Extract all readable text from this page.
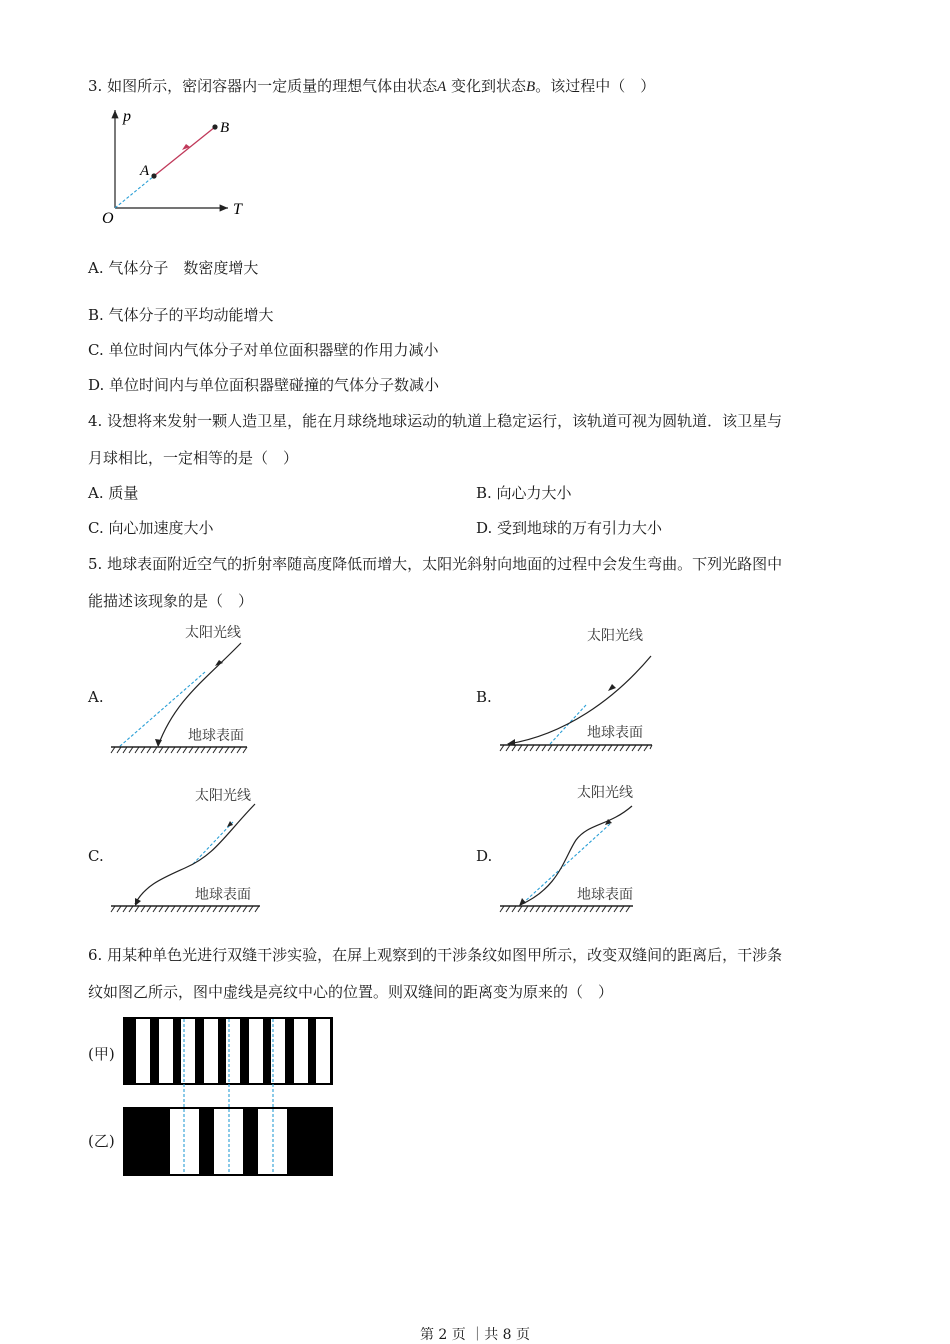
3. 如图所示，密闭容器内一定质量的理想气体由状态A 变化到状态B。该过程中（　）
p
T
O
A
B
A. 气体分子　数密度增大
B. 气体分子的平均动能增大
C. 单位时间内气体分子对单位面积器壁的作用力减小
D. 单位时间内与单位面积器壁碰撞的气体分子数减小
4. 设想将来发射一颗人造卫星，能在月球绕地球运动的轨道上稳定运行，该轨道可视为圆轨道．该卫星与
月球相比，一定相等的是（　）
A. 质量	B. 向心力大小
C. 向心加速度大小	D. 受到地球的万有引力大小
5. 地球表面附近空气的折射率随高度降低而增大，太阳光斜射向地面的过程中会发生弯曲。下列光路图中
能描述该现象的是（　）
A.	B.
C.	D.
太阳光线
地球表面
太阳光线
地球表面
太阳光线
地球表面
太阳光线
地球表面
6. 用某种单色光进行双缝干涉实验，在屏上观察到的干涉条纹如图甲所示，改变双缝间的距离后，干涉条
纹如图乙所示，图中虚线是亮纹中心的位置。则双缝间的距离变为原来的（　）
(甲)
(乙)
第 2 页 ｜共 8 页
